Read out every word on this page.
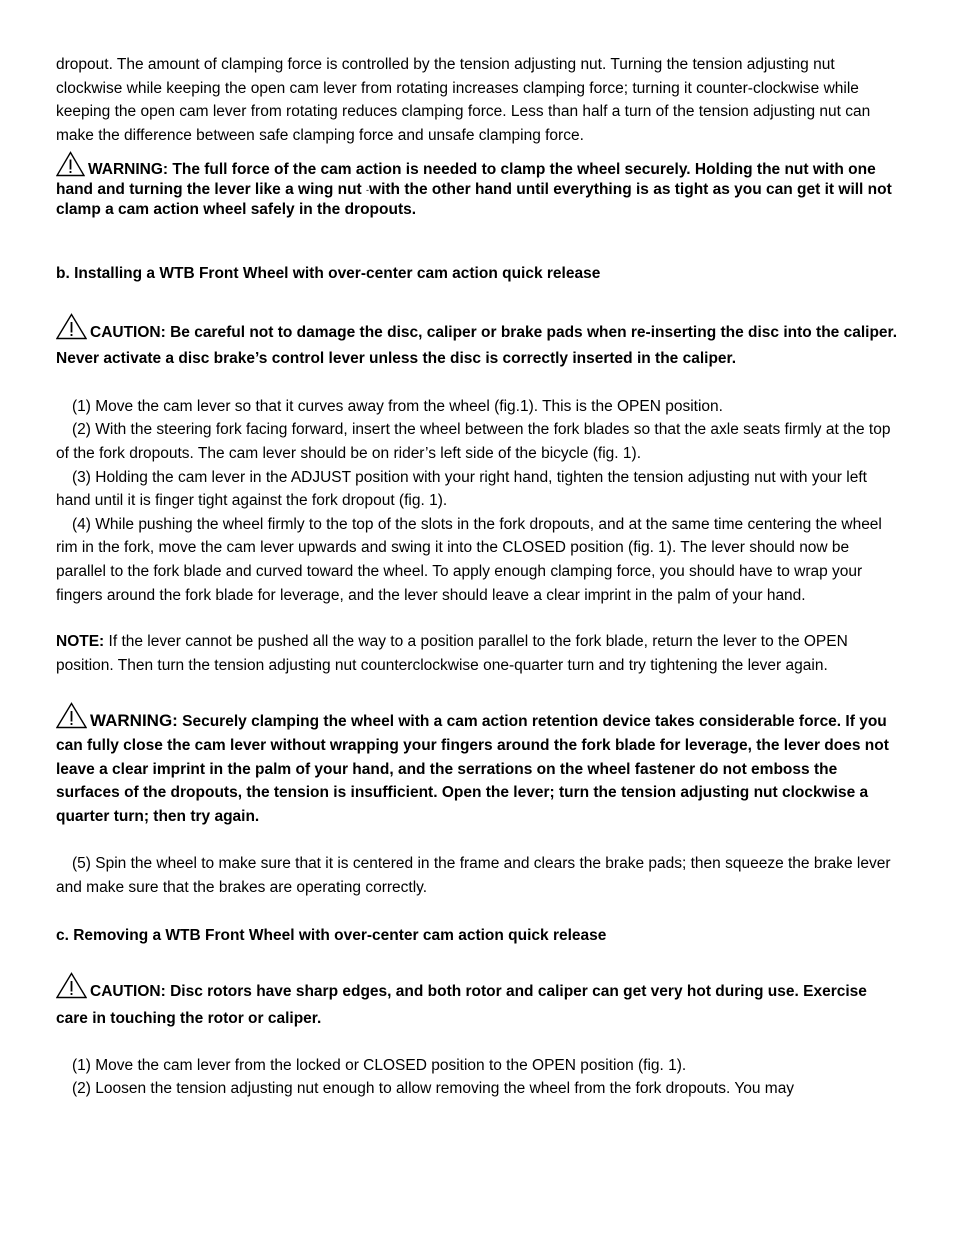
dropout. The amount of clamping force is controlled by the tension adjusting nut. Turning the tension adjusting nut clockwise while keeping the open cam lever from rotating increases clamping force; turning it counter-clockwise while keeping the open cam lever from rotating reduces clamping force. Less than half a turn of the tension adjusting nut can make the difference between safe clamping force and unsafe clamping force.

WARNING: The full force of the cam action is needed to clamp the wheel securely. Holding the nut with one hand and turning the lever like a wing nut -with the other hand until everything is as tight as you can get it will not clamp a cam action wheel safely in the dropouts.

b. Installing a WTB Front Wheel with over-center cam action quick release

CAUTION: Be careful not to damage the disc, caliper or brake pads when re-inserting the disc into the caliper. Never activate a disc brake’s control lever unless the disc is correctly inserted in the caliper.

(1) Move the cam lever so that it curves away from the wheel (fig.1). This is the OPEN position.

(2) With the steering fork facing forward, insert the wheel between the fork blades so that the axle seats firmly at the top of the fork dropouts. The cam lever should be on rider’s left side of the bicycle (fig. 1).

(3) Holding the cam lever in the ADJUST position with your right hand, tighten the tension adjusting nut with your left hand until it is finger tight against the fork dropout (fig. 1).

(4) While pushing the wheel firmly to the top of the slots in the fork dropouts, and at the same time centering the wheel rim in the fork, move the cam lever upwards and swing it into the CLOSED position (fig. 1). The lever should now be parallel to the fork blade and curved toward the wheel. To apply enough clamping force, you should have to wrap your fingers around the fork blade for leverage, and the lever should leave a clear imprint in the palm of your hand.

NOTE: If the lever cannot be pushed all the way to a position parallel to the fork blade, return the lever to the OPEN position. Then turn the tension adjusting nut counterclockwise one-quarter turn and try tightening the lever again.

WARNING: Securely clamping the wheel with a cam action retention device takes considerable force. If you can fully close the cam lever without wrapping your fingers around the fork blade for leverage, the lever does not leave a clear imprint in the palm of your hand, and the serrations on the wheel fastener do not emboss the surfaces of the dropouts, the tension is insufficient. Open the lever; turn the tension adjusting nut clockwise a quarter turn; then try again.

(5) Spin the wheel to make sure that it is centered in the frame and clears the brake pads; then squeeze the brake lever and make sure that the brakes are operating correctly.

c. Removing a WTB Front Wheel with over-center cam action quick release

CAUTION: Disc rotors have sharp edges, and both rotor and caliper can get very hot during use. Exercise care in touching the rotor or caliper.

(1) Move the cam lever from the locked or CLOSED position to the OPEN position (fig. 1).

(2) Loosen the tension adjusting nut enough to allow removing the wheel from the fork dropouts. You may
